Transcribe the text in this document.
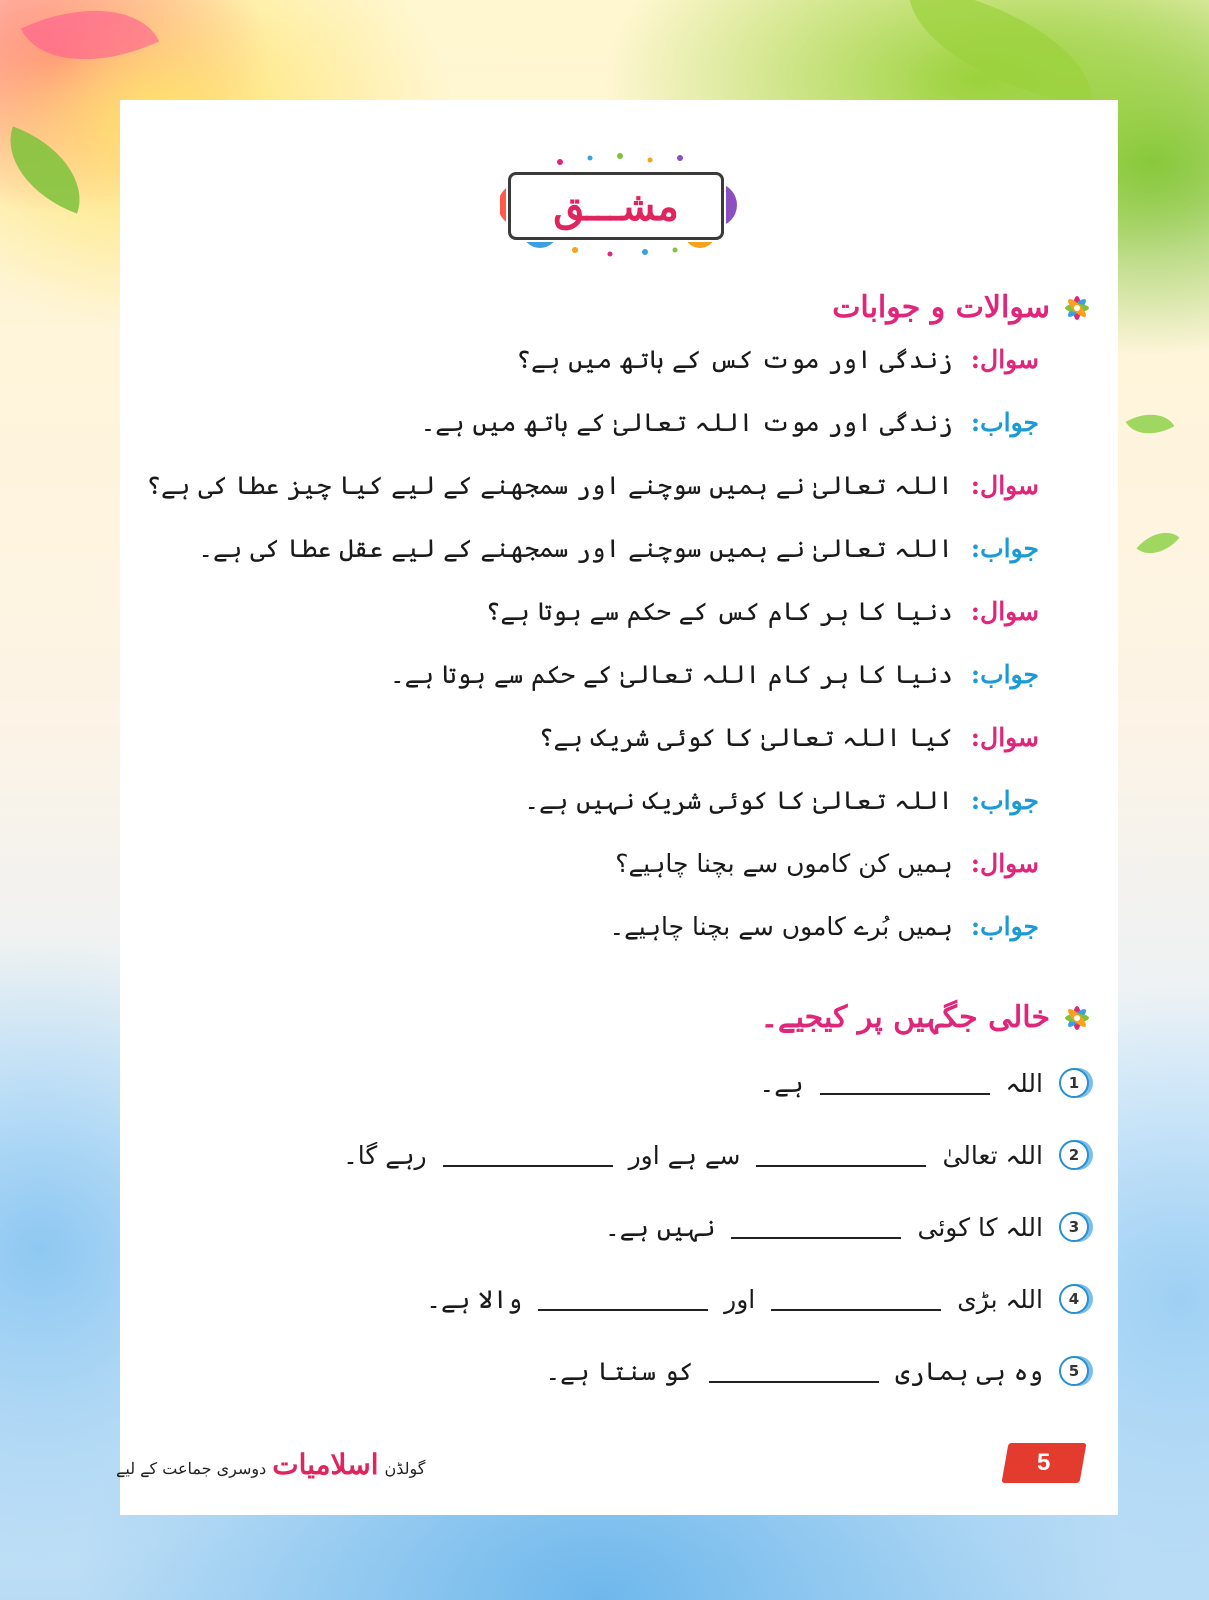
مشـــق
سوالات و جوابات
سوال:زندگی اور موت کس کے ہاتھ میں ہے؟
جواب:زندگی اور موت اللہ تعالیٰ کے ہاتھ میں ہے۔
سوال:اللہ تعالیٰ نے ہمیں سوچنے اور سمجھنے کے لیے کیا چیز عطا کی ہے؟
جواب:اللہ تعالیٰ نے ہمیں سوچنے اور سمجھنے کے لیے عقل عطا کی ہے۔
سوال:دنیا کا ہر کام کس کے حکم سے ہوتا ہے؟
جواب:دنیا کا ہر کام اللہ تعالیٰ کے حکم سے ہوتا ہے۔
سوال:کیا اللہ تعالیٰ کا کوئی شریک ہے؟
جواب:اللہ تعالیٰ کا کوئی شریک نہیں ہے۔
سوال:ہمیں کن کاموں سے بچنا چاہیے؟
جواب:ہمیں بُرے کاموں سے بچنا چاہیے۔
خالی جگہیں پر کیجیے۔
1
اللہ
ہے۔
2
اللہ تعالیٰ
سے ہے اور
رہے گا۔
3
اللہ کا کوئی
نہیں ہے۔
4
اللہ بڑی
اور
والا ہے۔
5
وہ ہی ہماری
کو سنتا ہے۔
گولڈن
اسلامیات
دوسری جماعت کے لیے	5
